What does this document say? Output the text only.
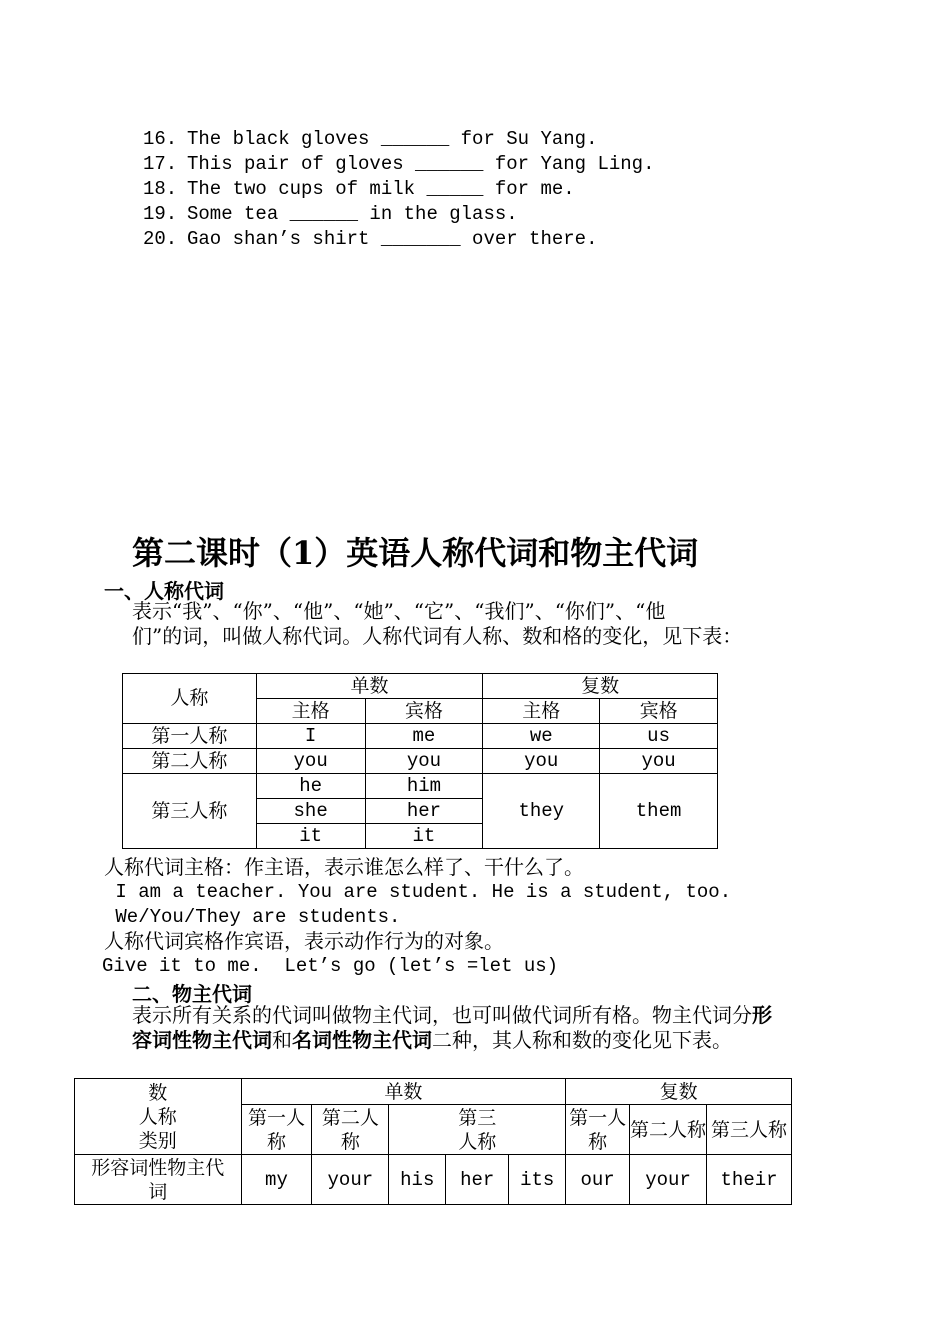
16. The black gloves ______ for Su Yang.
17. This pair of gloves ______ for Yang Ling.
18. The two cups of milk _____ for me.
19. Some tea ______ in the glass.
20. Gao shan’s shirt _______ over there.
第二课时（1）英语人称代词和物主代词
一、人称代词
表示“我”、“你”、“他”、“她”、“它”、“我们”、“你们”、“他
们”的词，叫做人称代词。人称代词有人称、数和格的变化，见下表：
人称	单数		复数	
	主格	宾格	主格	宾格
第一人称	I	me	we	us
第二人称	you	you	you	you
第三人称	he	him	they	them
	she	her		
	it	it		
人称代词主格：作主语，表示谁怎么样了、干什么了。
I am a teacher. You are student. He is a student, too.
We/You/They are students.
人称代词宾格作宾语，表示动作行为的对象。
Give it to me.  Let’s go (let’s =let us)
二、物主代词
表示所有关系的代词叫做物主代词，也可叫做代词所有格。物主代词分形
容词性物主代词和名词性物主代词二种，其人称和数的变化见下表。
数
人称
类别	单数					复数		
	第一人称	第二人称	第三人称			第一人称	第二人称	第三人称
形容词性物主代词	my	your	his	her	its	our	your	their
